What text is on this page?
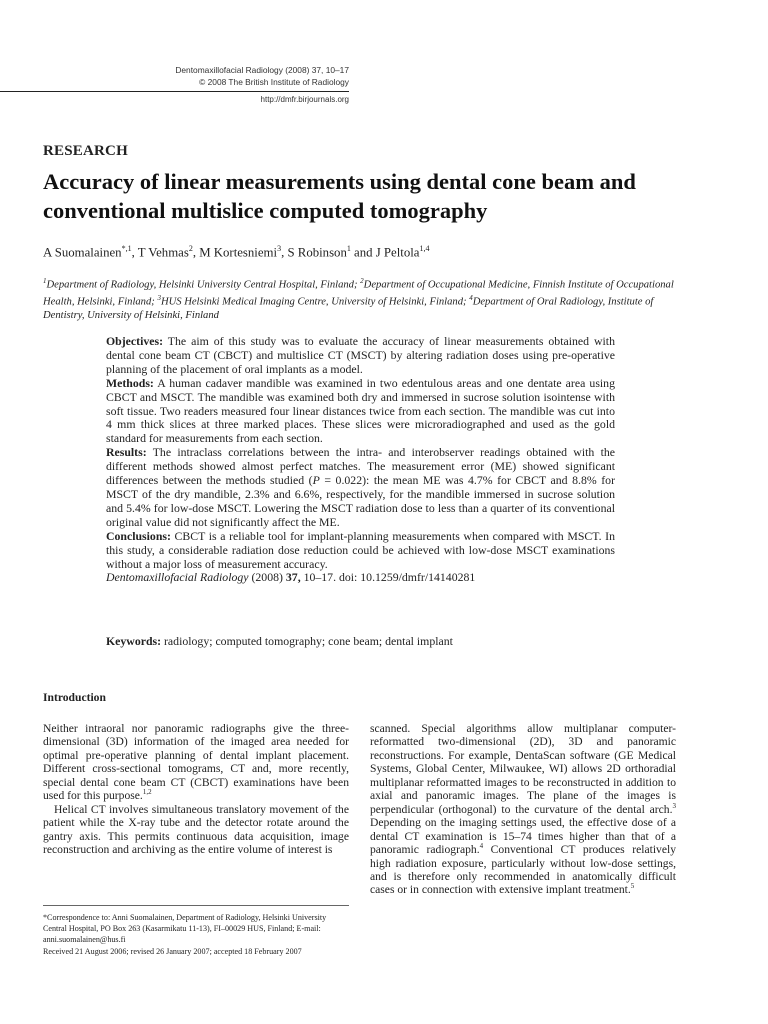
Dentomaxillofacial Radiology (2008) 37, 10–17
© 2008 The British Institute of Radiology
http://dmfr.birjournals.org
RESEARCH
Accuracy of linear measurements using dental cone beam and conventional multislice computed tomography
A Suomalainen$^{*,1}$, T Vehmas$^2$, M Kortesniemi$^3$, S Robinson$^1$ and J Peltola$^{1,4}$
$^1$Department of Radiology, Helsinki University Central Hospital, Finland; $^2$Department of Occupational Medicine, Finnish Institute of Occupational Health, Helsinki, Finland; $^3$HUS Helsinki Medical Imaging Centre, University of Helsinki, Finland; $^4$Department of Oral Radiology, Institute of Dentistry, University of Helsinki, Finland

Objectives: The aim of this study was to evaluate the accuracy of linear measurements obtained with dental cone beam CT (CBCT) and multislice CT (MSCT) by altering radiation doses using pre-operative planning of the placement of oral implants as a model.

Methods: A human cadaver mandible was examined in two edentulous areas and one dentate area using CBCT and MSCT. The mandible was examined both dry and immersed in sucrose solution isointense with soft tissue. Two readers measured four linear distances twice from each section. The mandible was cut into 4 mm thick slices at three marked places. These slices were microradiographed and used as the gold standard for measurements from each section.

Results: The intraclass correlations between the intra- and interobserver readings obtained with the different methods showed almost perfect matches. The measurement error (ME) showed significant differences between the methods studied (P = 0.022): the mean ME was 4.7% for CBCT and 8.8% for MSCT of the dry mandible, 2.3% and 6.6%, respectively, for the mandible immersed in sucrose solution and 5.4% for low-dose MSCT. Lowering the MSCT radiation dose to less than a quarter of its conventional original value did not significantly affect the ME.

Conclusions: CBCT is a reliable tool for implant-planning measurements when compared with MSCT. In this study, a considerable radiation dose reduction could be achieved with low-dose MSCT examinations without a major loss of measurement accuracy.

Dentomaxillofacial Radiology (2008) 37, 10–17. doi: 10.1259/dmfr/14140281

Keywords: radiology; computed tomography; cone beam; dental implant
Introduction

Neither intraoral nor panoramic radiographs give the three-dimensional (3D) information of the imaged area needed for optimal pre-operative planning of dental implant placement. Different cross-sectional tomograms, CT and, more recently, special dental cone beam CT (CBCT) examinations have been used for this purpose.$^{1,2}$

Helical CT involves simultaneous translatory movement of the patient while the X-ray tube and the detector rotate around the gantry axis. This permits continuous data acquisition, image reconstruction and archiving as the entire volume of interest is

*Correspondence to: Anni Suomalainen, Department of Radiology, Helsinki University Central Hospital, PO Box 263 (Kasarmikatu 11-13), FI–00029 HUS, Finland; E-mail: anni.suomalainen@hus.fi

Received 21 August 2006; revised 26 January 2007; accepted 18 February 2007

scanned. Special algorithms allow multiplanar computer-reformatted two-dimensional (2D), 3D and panoramic reconstructions. For example, DentaScan software (GE Medical Systems, Global Center, Milwaukee, WI) allows 2D orthoradial multiplanar reformatted images to be reconstructed in addition to axial and panoramic images. The plane of the images is perpendicular (orthogonal) to the curvature of the dental arch.$^3$ Depending on the imaging settings used, the effective dose of a dental CT examination is 15–74 times higher than that of a panoramic radiograph.$^4$ Conventional CT produces relatively high radiation exposure, particularly without low-dose settings, and is therefore only recommended in anatomically difficult cases or in connection with extensive implant treatment.$^5$
